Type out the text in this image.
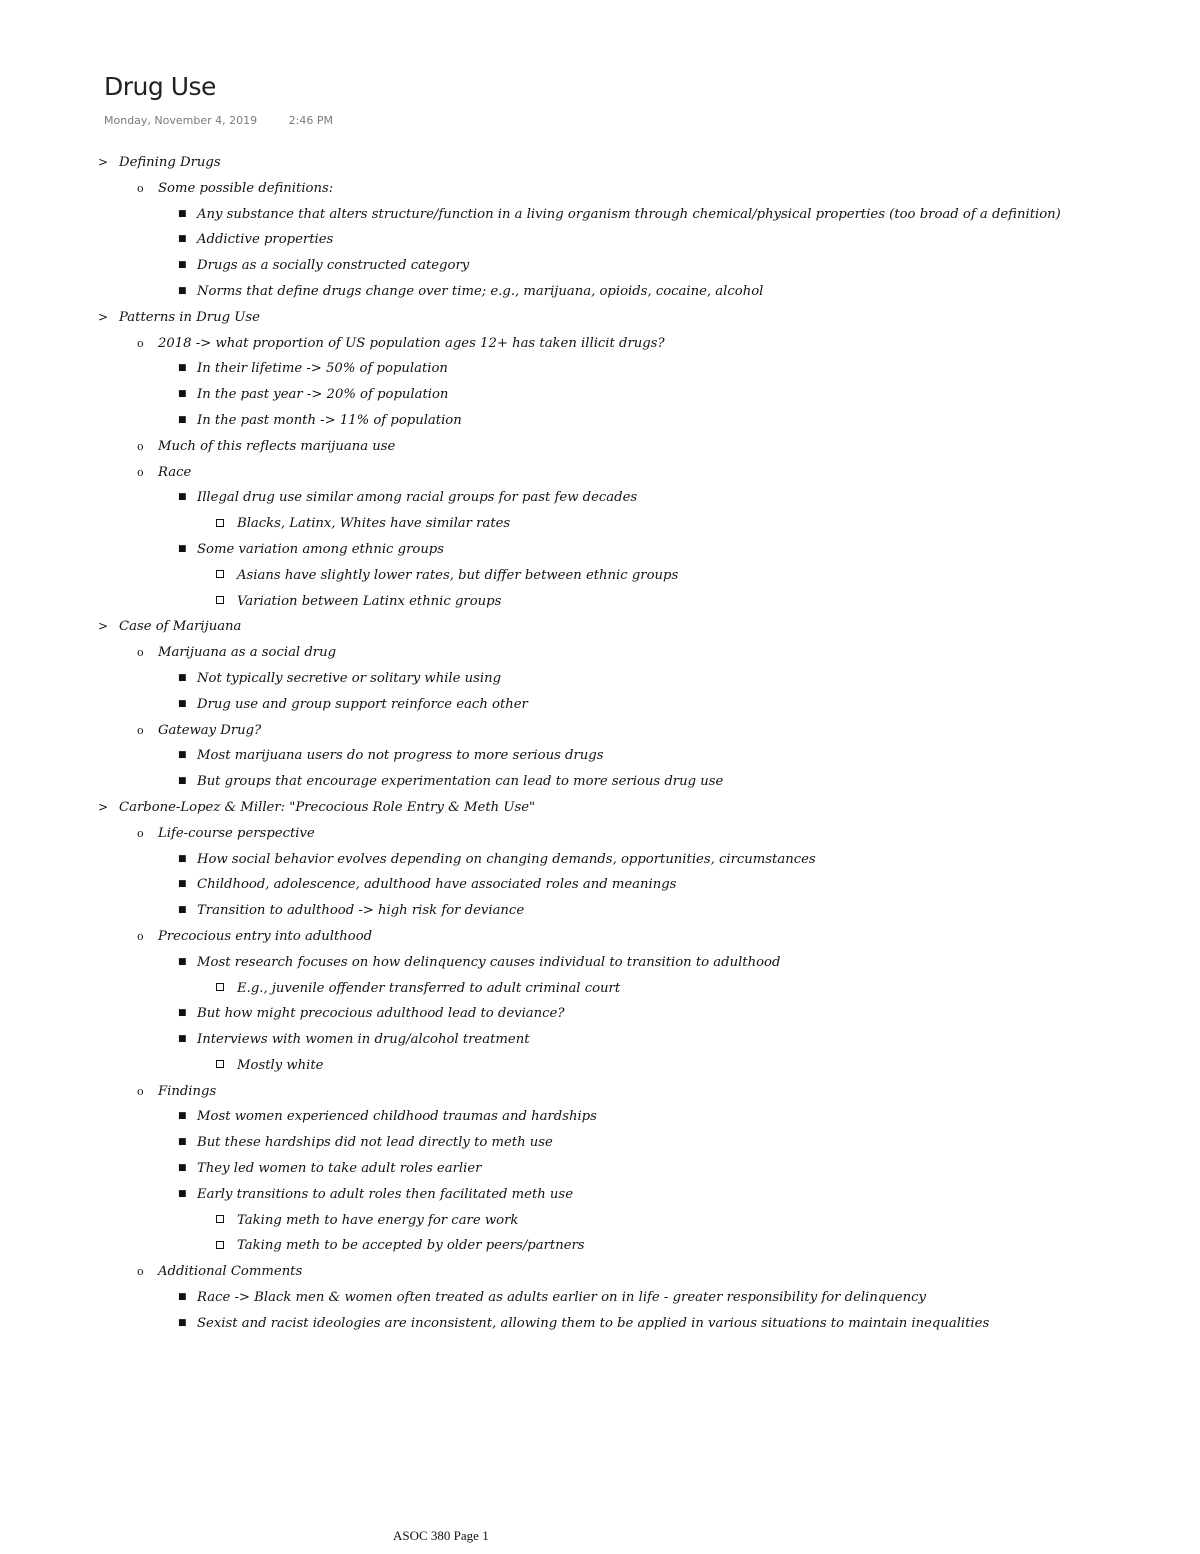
Drug Use
Monday, November 4, 2019	2:46 PM
> Defining Drugs
o Some possible definitions:
■ Any substance that alters structure/function in a living organism through chemical/physical properties (too broad of a definition)
■ Addictive properties
■ Drugs as a socially constructed category
■ Norms that define drugs change over time; e.g., marijuana, opioids, cocaine, alcohol
> Patterns in Drug Use
o 2018 -> what proportion of US population ages 12+ has taken illicit drugs?
■ In their lifetime -> 50% of population
■ In the past year -> 20% of population
■ In the past month -> 11% of population
o Much of this reflects marijuana use
o Race
■ Illegal drug use similar among racial groups for past few decades
Blacks, Latinx, Whites have similar rates
■ Some variation among ethnic groups
Asians have slightly lower rates, but differ between ethnic groups
Variation between Latinx ethnic groups
> Case of Marijuana
o Marijuana as a social drug
■ Not typically secretive or solitary while using
■ Drug use and group support reinforce each other
o Gateway Drug?
■ Most marijuana users do not progress to more serious drugs
■ But groups that encourage experimentation can lead to more serious drug use
> Carbone-Lopez & Miller: "Precocious Role Entry & Meth Use"
o Life-course perspective
■ How social behavior evolves depending on changing demands, opportunities, circumstances
■ Childhood, adolescence, adulthood have associated roles and meanings
■ Transition to adulthood -> high risk for deviance
o Precocious entry into adulthood
■ Most research focuses on how delinquency causes individual to transition to adulthood
E.g., juvenile offender transferred to adult criminal court
■ But how might precocious adulthood lead to deviance?
■ Interviews with women in drug/alcohol treatment
Mostly white
o Findings
■ Most women experienced childhood traumas and hardships
■ But these hardships did not lead directly to meth use
■ They led women to take adult roles earlier
■ Early transitions to adult roles then facilitated meth use
Taking meth to have energy for care work
Taking meth to be accepted by older peers/partners
o Additional Comments
■ Race -> Black men & women often treated as adults earlier on in life - greater responsibility for delinquency
■ Sexist and racist ideologies are inconsistent, allowing them to be applied in various situations to maintain inequalities
ASOC 380 Page 1
